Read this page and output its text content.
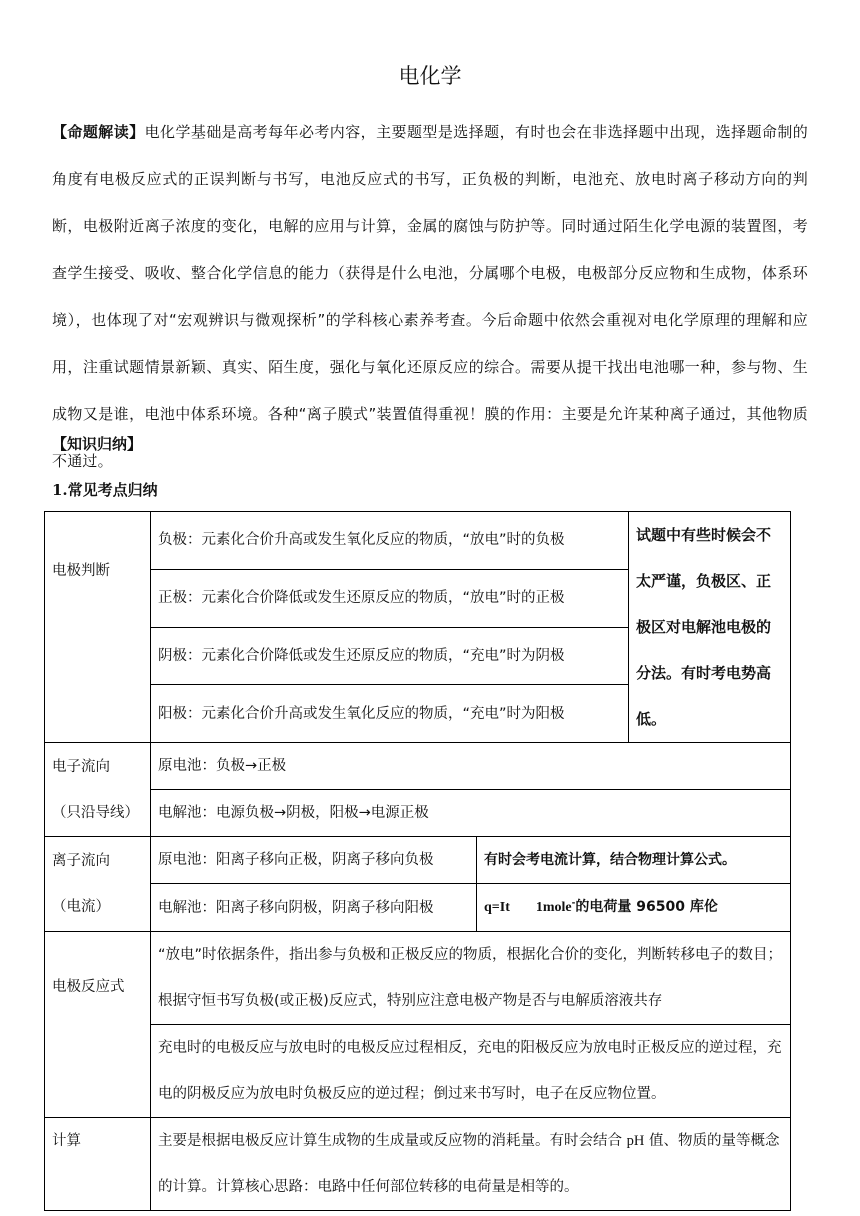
电化学
【命题解读】电化学基础是高考每年必考内容，主要题型是选择题，有时也会在非选择题中出现，选择题命制的角度有电极反应式的正误判断与书写，电池反应式的书写，正负极的判断，电池充、放电时离子移动方向的判断，电极附近离子浓度的变化，电解的应用与计算，金属的腐蚀与防护等。同时通过陌生化学电源的装置图，考查学生接受、吸收、整合化学信息的能力（获得是什么电池，分属哪个电极，电极部分反应物和生成物，体系环境），也体现了对“宏观辨识与微观探析”的学科核心素养考查。今后命题中依然会重视对电化学原理的理解和应用，注重试题情景新颖、真实、陌生度，强化与氧化还原反应的综合。需要从提干找出电池哪一种，参与物、生成物又是谁，电池中体系环境。各种“离子膜式”装置值得重视！膜的作用：主要是允许某种离子通过，其他物质不通过。
【知识归纳】
1.常见考点归纳
电极判断	负极：元素化合价升高或发生氧化反应的物质，“放电”时的负极		试题中有些时候会不太严谨，负极区、正极区对电解池电极的分法。有时考电势高低。
	正极：元素化合价降低或发生还原反应的物质，“放电”时的正极		
	阴极：元素化合价降低或发生还原反应的物质，“充电”时为阴极		
	阳极：元素化合价升高或发生氧化反应的物质，“充电”时为阳极		

电子流向
（只沿导线）	原电池：负极→正极		
	电解池：电源负极→阴极，阳极→电源正极		

离子流向
（电流）	原电池：阳离子移向正极，阴离子移向负极	有时会考电流计算，结合物理计算公式。	
	电解池：阳离子移向阴极，阴离子移向阳极	q=It 1mole-的电荷量 96500 库伦	
电极反应式	“放电”时依据条件，指出参与负极和正极反应的物质，根据化合价的变化，判断转移电子的数目；根据守恒书写负极(或正极)反应式，特别应注意电极产物是否与电解质溶液共存		
	充电时的电极反应与放电时的电极反应过程相反，充电的阳极反应为放电时正极反应的逆过程，充电的阴极反应为放电时负极反应的逆过程；倒过来书写时，电子在反应物位置。		
计算	主要是根据电极反应计算生成物的生成量或反应物的消耗量。有时会结合 pH 值、物质的量等概念的计算。计算核心思路：电路中任何部位转移的电荷量是相等的。		
